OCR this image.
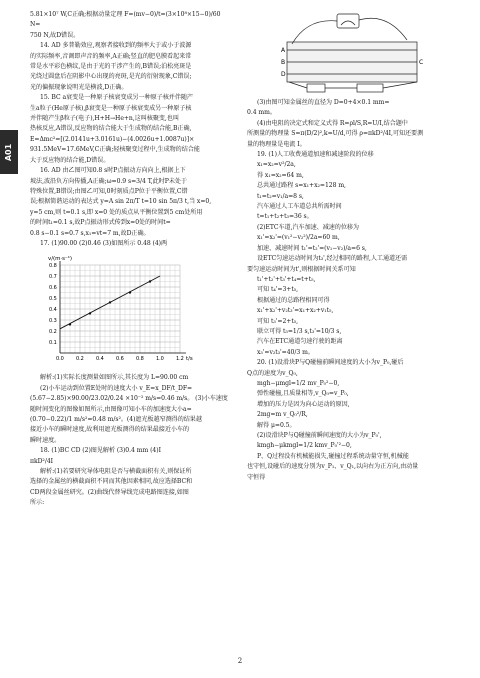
A01

5.81×10⁷ W,C正确;根据动量定理 F=(mv−0)/t=(3×10⁸×15−0)/60 N=

750 N,故D错误。

14. AD 多普勒效应,观察者接收到的频率大于或小于波源

的实际频率,音调即声音的频率,A正确;竖直的肥皂膜看起来常

常是水平彩色横纹,是由于光的干涉产生的,B错误;泊松亮斑是

光绕过圆盘后在阴影中心出现的亮斑,是光的衍射现象,C错误;

光的偏振现象说明光是横波,D正确。

15. BC a衰变是一种原子核衰变成另一种原子核并伴随产

生a粒子(He原子核),β衰变是一种原子核衰变成另一种原子核

并伴随产生β粒子(电子),H+H→He+n,这叫核聚变,也叫

热核反应,A错误,反应物的结合能大于生成物的结合能,B正确,

E=Δmc²=[(2.0141u+3.0161u)−(4.0026u+1.0087u)]×

931.5MeV=17.6MeV,C正确;轻核聚变过程中,生成物的结合能

大于反应物的结合能,D错误。

16. AD 由乙图可知0.8 s时P点振动方向向上,根据上下

坡法,波沿负方向传播,A正确;ω=0.9 s=3/4 T,此时P未处于

特殊位置,B错误;由图乙可知,0时刻质点P位于平衡位置,C错

误;根据简谐运动的表达式 y=A sin 2π/T t=10 sin 5π/3 t,当 x=0,

y=5 cm,则 t=0.1 s,即 x=0 处的质点从平衡位置到5 cm处所用

的时间t₁=0.1 s,故P点振动形式传到x=0处的时间t=

0.8 s−0.1 s=0.7 s,x₁=vt=7 m,故D正确。

17. (1)90.00 (2)0.46 (3)如图所示 0.48 (4)两

v/(m·s⁻¹)
t/s
0.0 0.2 0.4 0.6 0.8 1.0 1.2
0.1
0.2
0.3
0.4
0.5
0.6
0.7
0.8

解析:(1)实际长度测量如图所示,其长度为 L=90.00 cm

(2)小车运动到位置E处时的速度大小 v_E=x_DF/t_DF=

(5.67−2.85)×90.00/23.02/0.24 ×10⁻² m/s=0.46 m/s。 (3)小车速度

随时间变化的图像如图所示,由图像可知小车的加速度大小a=

(0.70−0.22)/1 m/s²=0.48 m/s²。(4)遮光板越窄测得的结果越

接近小车的瞬时速度,故利用遮光板测得的结果最接近小车的

瞬时速度。

18. (1)BC CD (2)图见解析 (3)0.4 mm (4)I

πkD²/4I

解析:(1)若要研究导体电阻是否与横截面积有关,则保证所

选择的金属丝的横截面积不同而其他因素相同,故应选择BC和

CD两段金属丝研究。(2)曲线代替导线完成电路图连接,如图

所示:

A
B	C
D

(3)由图可知金属丝的直径为 D=0+4×0.1 mm=

0.4 mm。

(4)由电阻的决定式和定义式得 R=ρl/S,R=U/I,结合题中

所测量的物理量 S=π(D/2)²,k=U/d,可得 ρ=πkD²/4I,可知还要测

量的物理量是电流 I。

19. (1)人工收费通道加速和减速阶段的位移

x₁=x₂=v²/2a,

得 x₁=x₂=64 m,

总共通过路程 s=x₁+x₂=128 m,

t₁=t₂=v₁/a=8 s,

汽车通过人工车道总共所需时间

t=t₁+t₂+t₃=36 s。

(2)ETC车道,汽车加速、减速的位移为

x₁'=x₂'=(v₁²−v₂²)/2a=60 m,

加速、减速时间 t₁'=t₂'=(v₁−v₂)/a=6 s,

设ETC匀速运动时间为t₃',经过相同的路程,人工通道还需

要匀速运动时间为t',则根据时间关系可知

t₁'+t₂'+t₃'+t₄=t+t₅,

可知 t₄'=3+t₅,

根据通过的总路程相同可得

x₁'+x₂'+v₂t₃'=x₁+x₂+v₁t₅,

可知 t₃'=2+t₅,

联立可得 t₅=1/3 s,t₃'=10/3 s,

汽车在ETC通道匀速行驶的距离

x₃'=v₂t₃'=40/3 m。

20. (1)设滑块P与Q碰撞前瞬间速度的大小为v_P₀,碰后

Q点的速度为v_Q₀,

mgh−μmgl=1/2 mv_P₀²−0,

弹性碰撞,且质量相等,v_Q₀=v_P₀,

增加的压力是因为向心运动的原因,

2mg=m v_Q₀²/R,

解得 μ=0.5。

(2)设滑块P与Q碰撞前瞬间速度的大小为v_P₀',

kmgh−μkmgl=1/2 kmv_P₀'²−0,

P、Q过程没有机械能损失,碰撞过程系统动量守恒,机械能

也守恒,设碰后的速度分别为v_P₁、v_Q₁,以向右为正方向,由动量

守恒得

2
